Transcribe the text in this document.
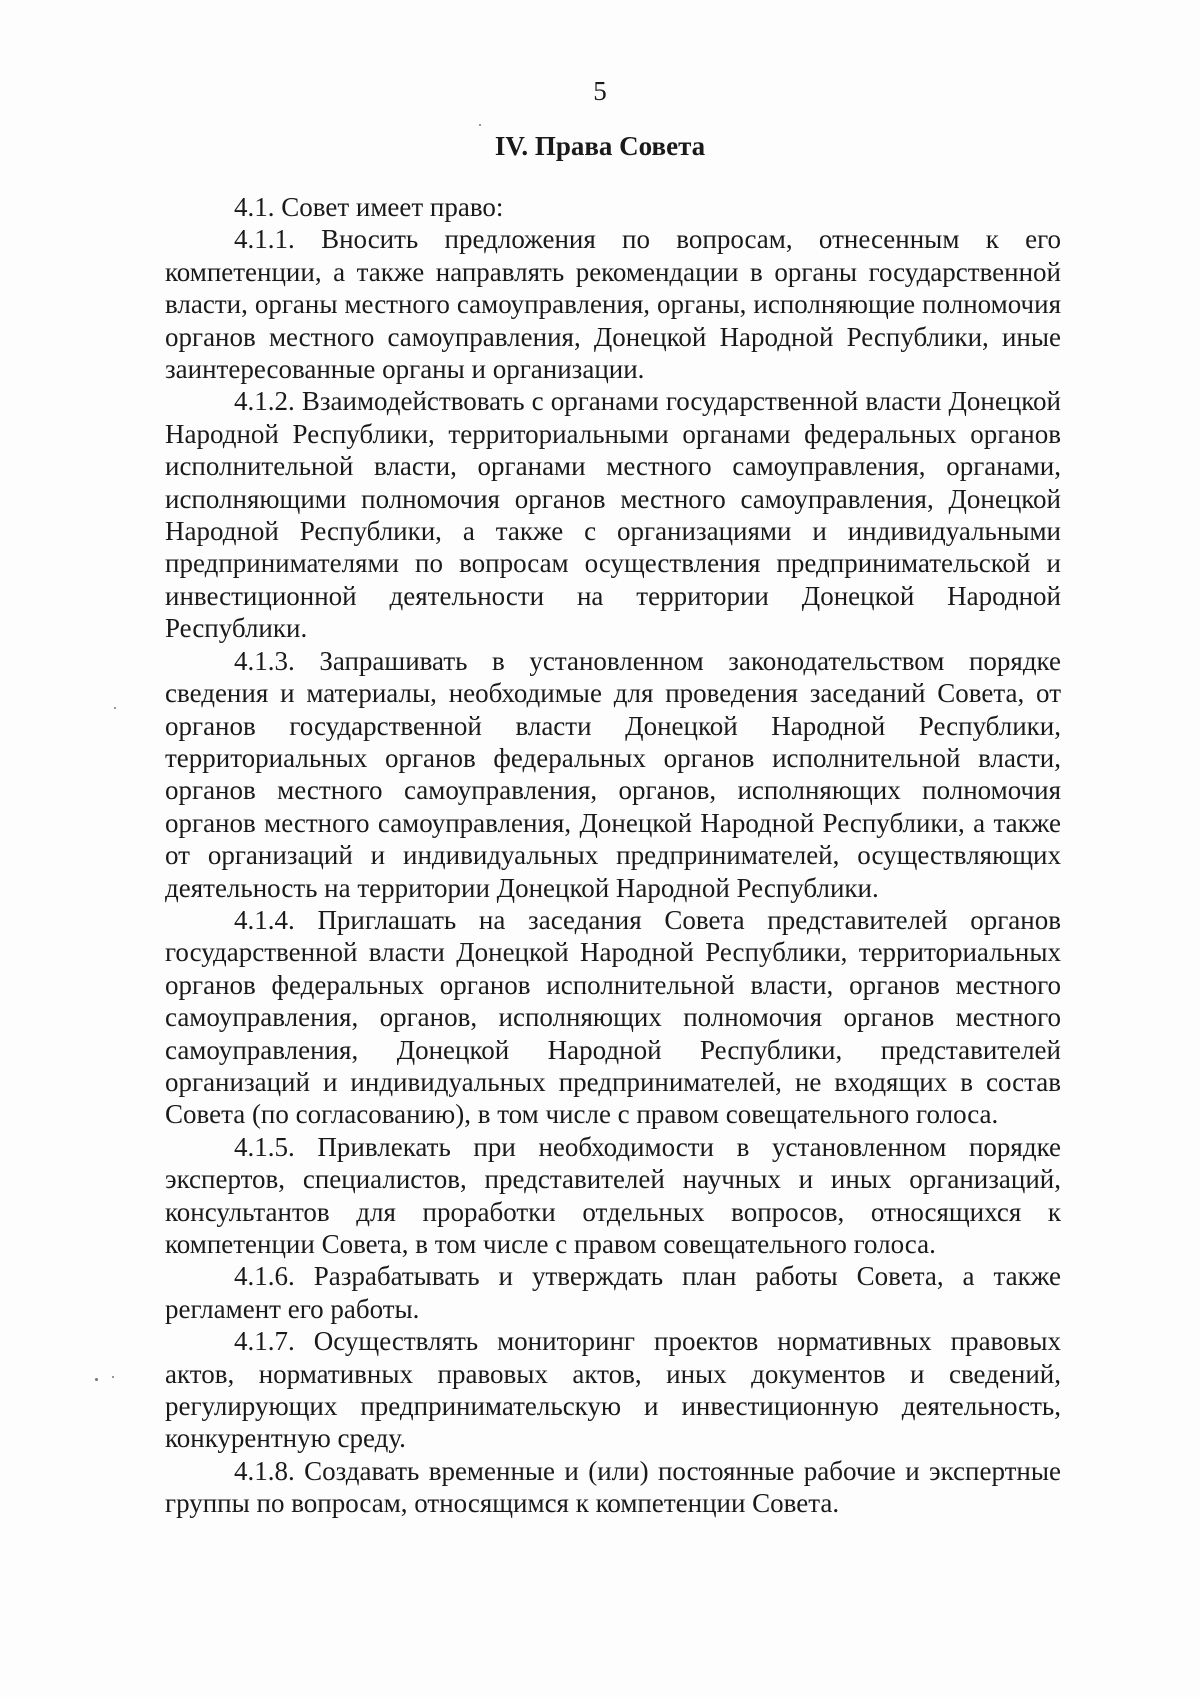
5
IV. Права Совета

4.1. Совет имеет право:

4.1.1. Вносить предложения по вопросам, отнесенным к его компетенции, а также направлять рекомендации в органы государственной власти, органы местного самоуправления, органы, исполняющие полномочия органов местного самоуправления, Донецкой Народной Республики, иные заинтересованные органы и организации.

4.1.2. Взаимодействовать с органами государственной власти Донецкой Народной Республики, территориальными органами федеральных органов исполнительной власти, органами местного самоуправления, органами, исполняющими полномочия органов местного самоуправления, Донецкой Народной Республики, а также с организациями и индивидуальными предпринимателями по вопросам осуществления предпринимательской и инвестиционной деятельности на территории Донецкой Народной Республики.

4.1.3. Запрашивать в установленном законодательством порядке сведения и материалы, необходимые для проведения заседаний Совета, от органов государственной власти Донецкой Народной Республики, территориальных органов федеральных органов исполнительной власти, органов местного самоуправления, органов, исполняющих полномочия органов местного самоуправления, Донецкой Народной Республики, а также от организаций и индивидуальных предпринимателей, осуществляющих деятельность на территории Донецкой Народной Республики.

4.1.4. Приглашать на заседания Совета представителей органов государственной власти Донецкой Народной Республики, территориальных органов федеральных органов исполнительной власти, органов местного самоуправления, органов, исполняющих полномочия органов местного самоуправления, Донецкой Народной Республики, представителей организаций и индивидуальных предпринимателей, не входящих в состав Совета (по согласованию), в том числе с правом совещательного голоса.

4.1.5. Привлекать при необходимости в установленном порядке экспертов, специалистов, представителей научных и иных организаций, консультантов для проработки отдельных вопросов, относящихся к компетенции Совета, в том числе с правом совещательного голоса.

4.1.6. Разрабатывать и утверждать план работы Совета, а также регламент его работы.

4.1.7. Осуществлять мониторинг проектов нормативных правовых актов, нормативных правовых актов, иных документов и сведений, регулирующих предпринимательскую и инвестиционную деятельность, конкурентную среду.

4.1.8. Создавать временные и (или) постоянные рабочие и экспертные группы по вопросам, относящимся к компетенции Совета.
